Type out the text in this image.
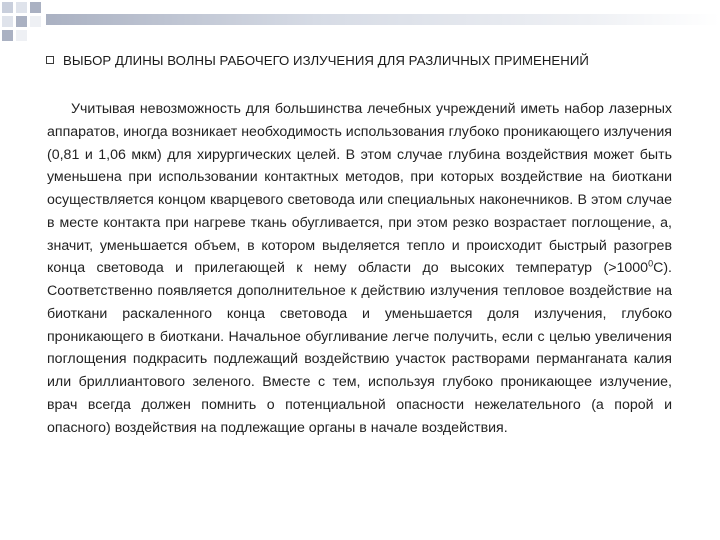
ВЫБОР ДЛИНЫ ВОЛНЫ РАБОЧЕГО ИЗЛУЧЕНИЯ ДЛЯ РАЗЛИЧНЫХ ПРИМЕНЕНИЙ
Учитывая невозможность для большинства лечебных учреждений иметь набор лазерных аппаратов, иногда возникает необходимость использования глубоко проникающего излучения (0,81 и 1,06 мкм) для хирургических целей. В этом случае глубина воздействия может быть уменьшена при использовании контактных методов, при которых воздействие на биоткани осуществляется концом кварцевого световода или специальных наконечников. В этом случае в месте контакта при нагреве ткань обугливается, при этом резко возрастает поглощение, а, значит, уменьшается объем, в котором выделяется тепло и происходит быстрый разогрев конца световода и прилегающей к нему области до высоких температур $(>1000^0С)$. Соответственно появляется дополнительное к действию излучения тепловое воздействие на биоткани раскаленного конца световода и уменьшается доля излучения, глубоко проникающего в биоткани. Начальное обугливание легче получить, если с целью увеличения поглощения подкрасить подлежащий воздействию участок растворами перманганата калия или бриллиантового зеленого. Вместе с тем, используя глубоко проникающее излучение, врач всегда должен помнить о потенциальной опасности нежелательного (а порой и опасного) воздействия на подлежащие органы в начале воздействия.
